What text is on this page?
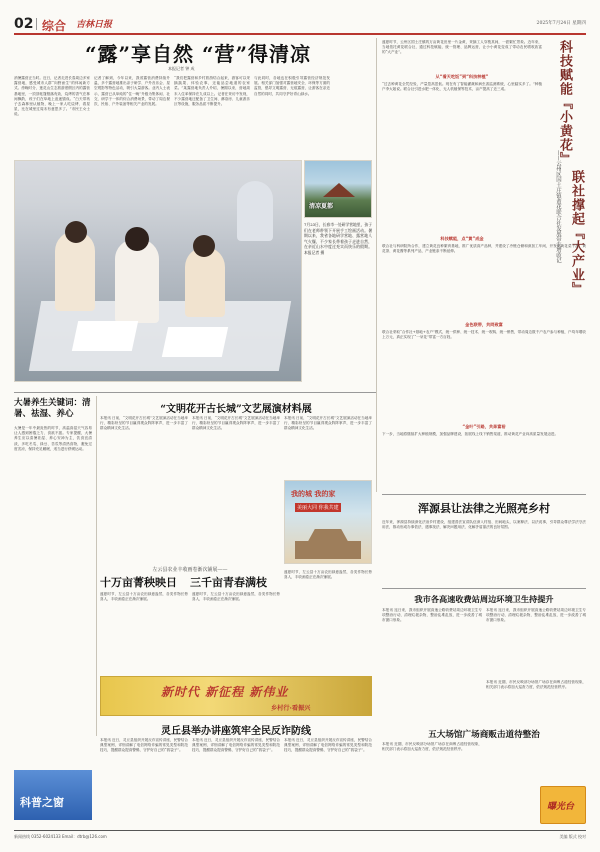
02 综合 吉林日报	2025年7月24日 星期四
“露”享自然 “营”得清凉
本报记者 钟 成
消暑露营正当时。近日，记者走进长春周边多家露营地，感受城市人群“向野而生”的休闲新方式。傍晚时分，莲花山生态旅游度假区内的露营基地里，一顶顶帐篷错落有致，烧烤的香气在林间飘散，孩子们在草地上追逐嬉戏。“白天带孩子去森林里认植物，晚上一家人吃烧烤、看星星，比在城里过周末有意思多了。”市民王女士说。
记者了解到，今年以来，我省露营消费持续升温，多个露营地推出亲子研学、户外音乐会、星空观影等特色活动，吸引大量游客。业内人士表示，露营已从单纯的“住一晚”升级为集休闲、社交、研学于一体的综合消费场景，带动了周边餐饮、民宿、户外装备等相关产业的发展。
“我们把露营和乡村旅游结合起来，游客可以采摘蔬果、体验农事，还能品尝地道的农家菜。”某露营地负责人介绍，暑期以来，营地周末入住率保持在九成以上。记者在采访中发现，不少露营地还配备了卫生间、淋浴房、儿童游乐区等设施，服务品质不断提升。
与此同时，各地也在积极引导露营经济规范发展。相关部门加强对露营地安全、环保等方面的监管，倡导文明露营、无痕露营，让游客在亲近自然的同时，共同守护好青山绿水。
清凉夏都
7月23日，长春市一处研学营地里，孩子们在老师带领下开展手工绘画活动。暑期以来，我省各地研学营地、露营地人气火爆，不少家长带着孩子走进自然，在亲近山水中度过充实而快乐的假期。本报记者 摄
科技赋能『小黄花』
联社撑起『大产业』
——云州区国土庄镇黄花联合社发展带农增收记
盛夏时节，云州区国土庄镇的万亩黄花田里一片金黄，采摘工人穿梭其间，一派繁忙景象。近年来，当地依托黄花联合社，通过科技赋能、统一管理、品牌运营，让小小黄花变成了带动农民增收致富的“大产业”。
从“看天吃饭”到“科技种植”
“过去种黄花全凭经验，产量忽高忽低。现在有了智能灌溉和病虫害监测系统，心里踏实多了。”种植户李大姐说。联合社引进水肥一体化、无人机植保等技术，亩产提高了近三成。
科技赋能，点“黄”成金
联合社与科研院所合作，建立黄花良种繁育基地，推广优质高产品种，并建设了冷链仓储和深加工车间，开发出黄花菜干品、黄花茶、黄花酱等系列产品，产业链条不断延伸。
金色联带，共同致富
联合社采取“合作社+基地+农户”模式，统一供种、统一技术、统一收购、统一销售，带动周边数千户农户参与种植，户均年增收上万元，真正实现了“一朵花”带富一方百姓。
“金叶”引路，共奔富裕
下一步，当地将继续扩大种植规模，加强品牌建设，拓展线上线下销售渠道，推动黄花产业向高质量发展迈进。
浑源县让法律之光照亮乡村
近年来，浑源县持续深化法治乡村建设，组建普法宣讲队伍深入村组、田间地头，以案释法、以法说事，引导群众尊法学法守法用法，推动形成办事依法、遇事找法、解决问题用法、化解矛盾靠法的良好氛围。
大暑养生关键词：清暑、祛湿、养心
大暑是一年中最炎热的时节，高温高湿天气容易让人感到困倦乏力、食欲不振。专家提醒，大暑养生应以清暑祛湿、养心安神为主，饮食宜清淡，多吃冬瓜、绿豆、苦瓜等清热食物，避免过度贪凉，保持充足睡眠，适当进行舒缓运动。
科普之窗
“文明花开古长城”文艺展演材料展
本报讯 日前，“文明花开古长城”文艺展演活动在当地举行，精彩纷呈的节目赢得观众阵阵掌声，进一步丰富了群众精神文化生活。
本报讯 日前，“文明花开古长城”文艺展演活动在当地举行，精彩纷呈的节目赢得观众阵阵掌声，进一步丰富了群众精神文化生活。
本报讯 日前，“文明花开古长城”文艺展演活动在当地举行，精彩纷呈的节目赢得观众阵阵掌声，进一步丰富了群众精神文化生活。
我的城 我的家
美丽大同 你我共建
左云县农业丰收画卷渐次铺展——
十万亩菁秧映日	三千亩青春满枝
盛夏时节，左云县十万亩农田绿意盎然，各类作物长势喜人，丰收画卷正在渐次铺展。
盛夏时节，左云县十万亩农田绿意盎然，各类作物长势喜人，丰收画卷正在渐次铺展。
盛夏时节，左云县十万亩农田绿意盎然，各类作物长势喜人，丰收画卷正在渐次铺展。
新时代 新征程 新伟业
乡村行·看振兴
灵丘县举办讲座筑牢全民反诈防线
本报讯 近日，灵丘县组织开展反诈宣传讲座，民警结合典型案例，详细讲解了电信网络诈骗的常见类型和防范技巧，提醒群众提高警惕，守护好自己的“钱袋子”。
本报讯 近日，灵丘县组织开展反诈宣传讲座，民警结合典型案例，详细讲解了电信网络诈骗的常见类型和防范技巧，提醒群众提高警惕，守护好自己的“钱袋子”。
本报讯 近日，灵丘县组织开展反诈宣传讲座，民警结合典型案例，详细讲解了电信网络诈骗的常见类型和防范技巧，提醒群众提高警惕，守护好自己的“钱袋子”。
我市各高速收费站周边环境卫生持提升
本报讯 连日来，我市组织开展高速公路收费站周边环境卫生专项整治行动，清理垃圾杂物，整治乱堆乱放，进一步改善了城市窗口形象。
本报讯 连日来，我市组织开展高速公路收费站周边环境卫生专项整治行动，清理垃圾杂物，整治乱堆乱放，进一步改善了城市窗口形象。
五大场馆广场商贩击道待整治
本报讯 近期，市民反映部分场馆广场存在商贩占道经营现象，相关部门表示将加大巡查力度，依法规范经营秩序。
本报讯 近期，市民反映部分场馆广场存在商贩占道经营现象，相关部门表示将加大巡查力度，依法规范经营秩序。
曝光台
新闻热线 0352-6024133 Email：dtrb@126.com	美编 版式 校对
